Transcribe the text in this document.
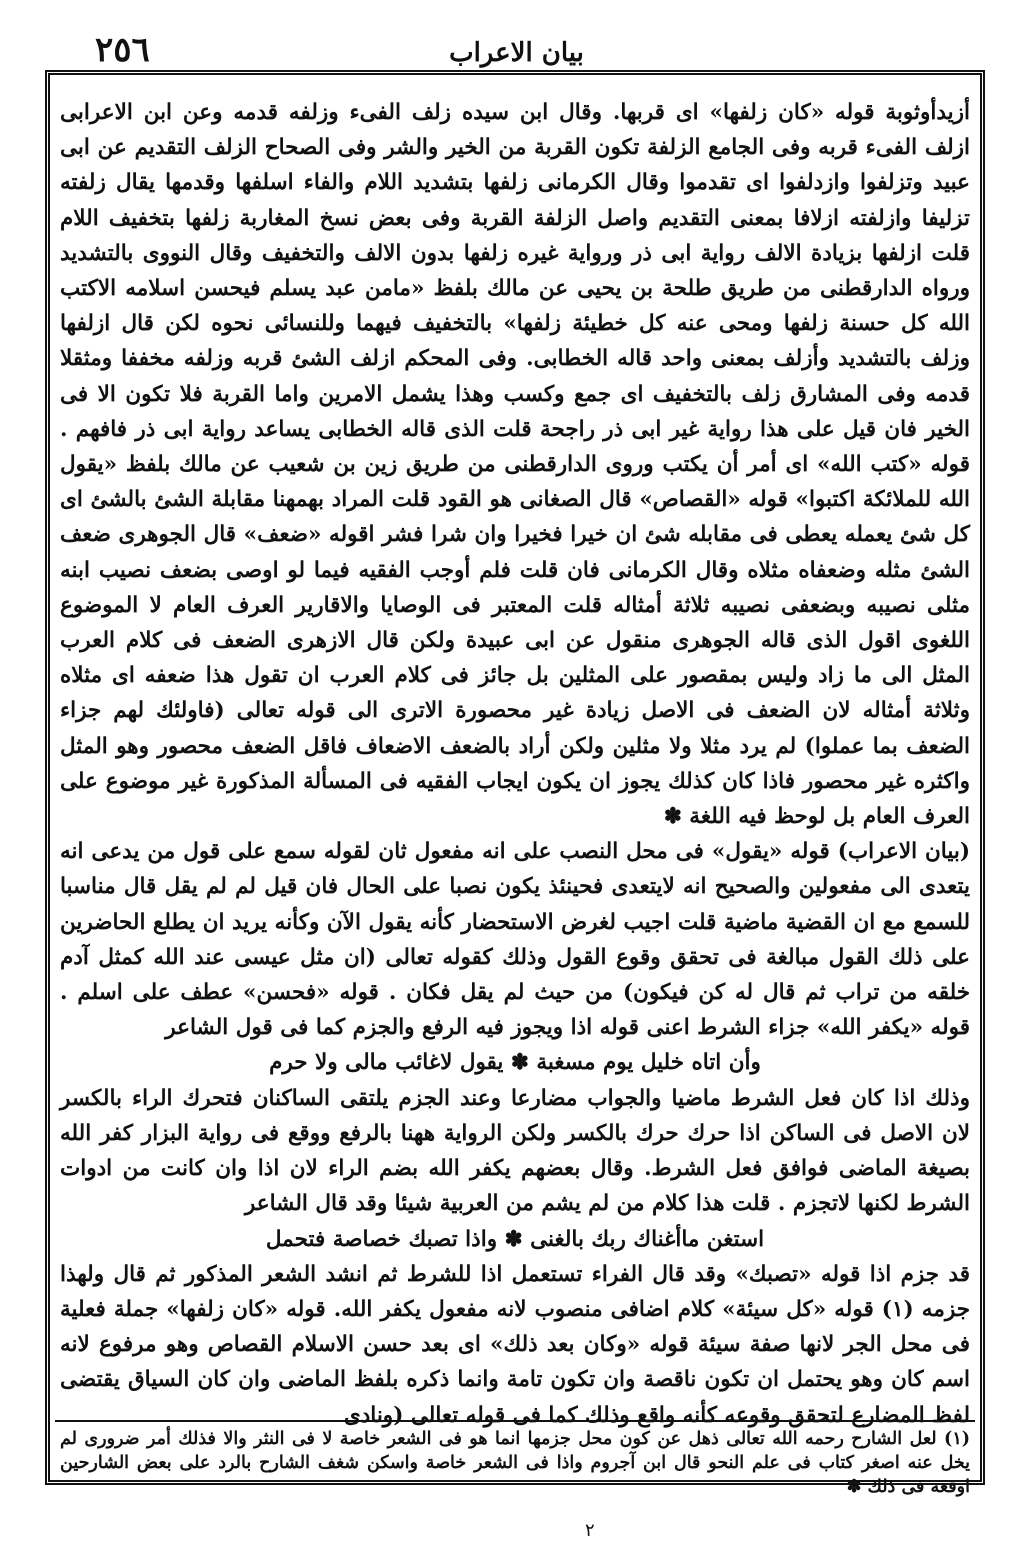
٢٥٦	بيان الاعراب

أزيدأوثوبة قوله «كان زلفها» اى قربها. وقال ابن سيده زلف الفىء وزلفه قدمه وعن ابن الاعرابى ازلف الفىء قربه وفى الجامع الزلفة تكون القربة من الخير والشر وفى الصحاح الزلف التقديم عن ابى عبيد وتزلفوا وازدلفوا اى تقدموا وقال الكرمانى زلفها بتشديد اللام والفاء اسلفها وقدمها يقال زلفته تزليفا وازلفته ازلافا بمعنى التقديم واصل الزلفة القربة وفى بعض نسخ المغاربة زلفها بتخفيف اللام قلت ازلفها بزيادة الالف رواية ابى ذر ورواية غيره زلفها بدون الالف والتخفيف وقال النووى بالتشديد ورواه الدارقطنى من طريق طلحة بن يحيى عن مالك بلفظ «مامن عبد يسلم فيحسن اسلامه الاكتب الله كل حسنة زلفها ومحى عنه كل خطيئة زلفها» بالتخفيف فيهما وللنسائى نحوه لكن قال ازلفها وزلف بالتشديد وأزلف بمعنى واحد قاله الخطابى. وفى المحكم ازلف الشئ قربه وزلفه مخففا ومثقلا قدمه وفى المشارق زلف بالتخفيف اى جمع وكسب وهذا يشمل الامرين واما القربة فلا تكون الا فى الخير فان قيل على هذا رواية غير ابى ذر راجحة قلت الذى قاله الخطابى يساعد رواية ابى ذر فافهم . قوله «كتب الله» اى أمر أن يكتب وروى الدارقطنى من طريق زين بن شعيب عن مالك بلفظ «يقول الله للملائكة اكتبوا» قوله «القصاص» قال الصغانى هو القود قلت المراد بهمهنا مقابلة الشئ بالشئ اى كل شئ يعمله يعطى فى مقابله شئ ان خيرا فخيرا وان شرا فشر اقوله «ضعف» قال الجوهرى ضعف الشئ مثله وضعفاه مثلاه وقال الكرمانى فان قلت فلم أوجب الفقيه فيما لو اوصى بضعف نصيب ابنه مثلى نصيبه وبضعفى نصيبه ثلاثة أمثاله قلت المعتبر فى الوصايا والاقارير العرف العام لا الموضوع اللغوى اقول الذى قاله الجوهرى منقول عن ابى عبيدة ولكن قال الازهرى الضعف فى كلام العرب المثل الى ما زاد وليس بمقصور على المثلين بل جائز فى كلام العرب ان تقول هذا ضعفه اى مثلاه وثلاثة أمثاله لان الضعف فى الاصل زيادة غير محصورة الاترى الى قوله تعالى (فاولئك لهم جزاء الضعف بما عملوا) لم يرد مثلا ولا مثلين ولكن أراد بالضعف الاضعاف فاقل الضعف محصور وهو المثل واكثره غير محصور فاذا كان كذلك يجوز ان يكون ايجاب الفقيه فى المسألة المذكورة غير موضوع على العرف العام بل لوحظ فيه اللغة ✽

(بيان الاعراب) قوله «يقول» فى محل النصب على انه مفعول ثان لقوله سمع على قول من يدعى انه يتعدى الى مفعولين والصحيح انه لايتعدى فحينئذ يكون نصبا على الحال فان قيل لم لم يقل قال مناسبا للسمع مع ان القضية ماضية قلت اجيب لغرض الاستحضار كأنه يقول الآن وكأنه يريد ان يطلع الحاضرين على ذلك القول مبالغة فى تحقق وقوع القول وذلك كقوله تعالى (ان مثل عيسى عند الله كمثل آدم خلقه من تراب ثم قال له كن فيكون) من حيث لم يقل فكان . قوله «فحسن» عطف على اسلم . قوله «يكفر الله» جزاء الشرط اعنى قوله اذا ويجوز فيه الرفع والجزم كما فى قول الشاعر

وأن اتاه خليل يوم مسغبة ✽ يقول لاغائب مالى ولا حرم

وذلك اذا كان فعل الشرط ماضيا والجواب مضارعا وعند الجزم يلتقى الساكنان فتحرك الراء بالكسر لان الاصل فى الساكن اذا حرك حرك بالكسر ولكن الرواية ههنا بالرفع ووقع فى رواية البزار كفر الله بصيغة الماضى فوافق فعل الشرط. وقال بعضهم يكفر الله بضم الراء لان اذا وان كانت من ادوات الشرط لكنها لاتجزم . قلت هذا كلام من لم يشم من العربية شيئا وقد قال الشاعر

استغن ماأغناك ربك بالغنى ✽ واذا تصبك خصاصة فتحمل

قد جزم اذا قوله «تصبك» وقد قال الفراء تستعمل اذا للشرط ثم انشد الشعر المذكور ثم قال ولهذا جزمه (١) قوله «كل سيئة» كلام اضافى منصوب لانه مفعول يكفر الله. قوله «كان زلفها» جملة فعلية فى محل الجر لانها صفة سيئة قوله «وكان بعد ذلك» اى بعد حسن الاسلام القصاص وهو مرفوع لانه اسم كان وهو يحتمل ان تكون ناقصة وان تكون تامة وانما ذكره بلفظ الماضى وان كان السياق يقتضى لفظ المضارع لتحقق وقوعه كأنه واقع وذلك كما فى قوله تعالى (ونادى

(١) لعل الشارح رحمه الله تعالى ذهل عن كون محل جزمها انما هو فى الشعر خاصة لا فى النثر والا فذلك أمر ضرورى لم يخل عنه اصغر كتاب فى علم النحو قال ابن آجروم واذا فى الشعر خاصة واسكن شغف الشارح بالرد على بعض الشارحين اوقعه فى ذلك ✽
٢
